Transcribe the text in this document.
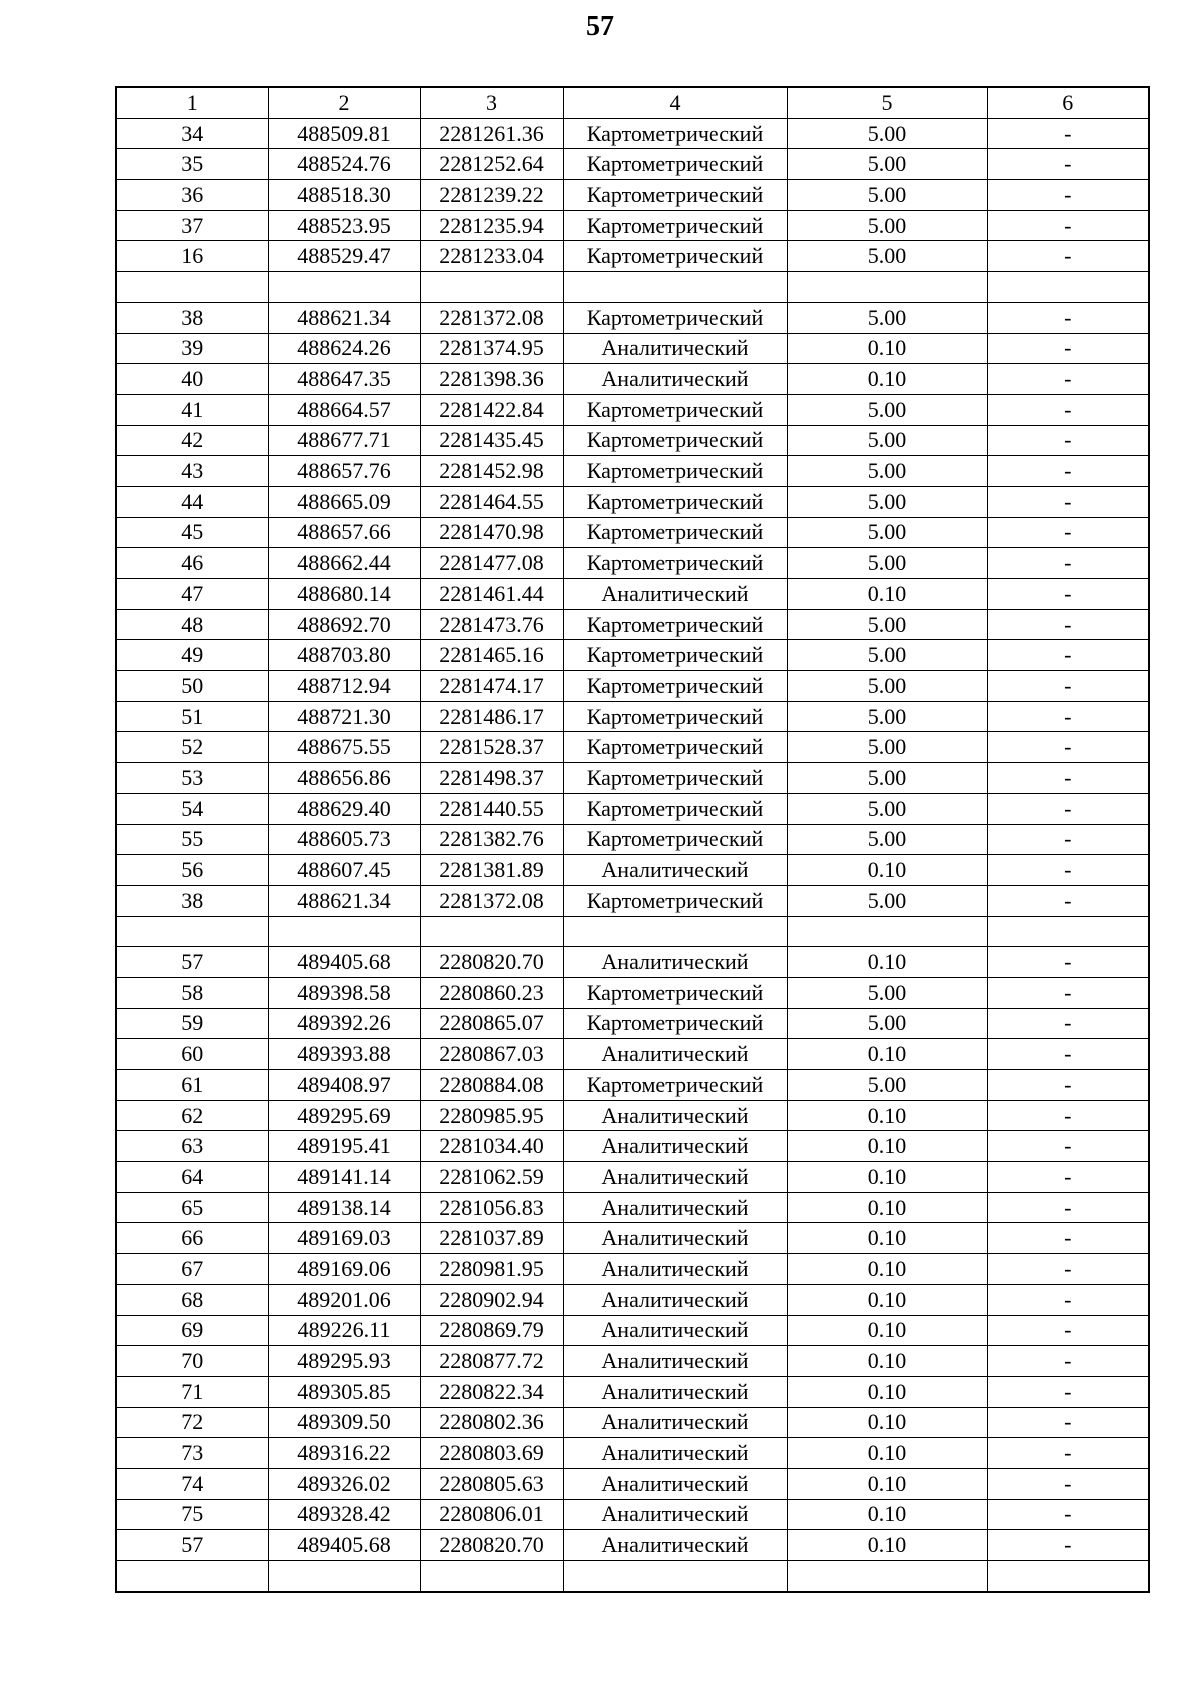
57
1	2	3	4	5	6
34	488509.81	2281261.36	Картометрический	5.00	-
35	488524.76	2281252.64	Картометрический	5.00	-
36	488518.30	2281239.22	Картометрический	5.00	-
37	488523.95	2281235.94	Картометрический	5.00	-
16	488529.47	2281233.04	Картометрический	5.00	-

38	488621.34	2281372.08	Картометрический	5.00	-
39	488624.26	2281374.95	Аналитический	0.10	-
40	488647.35	2281398.36	Аналитический	0.10	-
41	488664.57	2281422.84	Картометрический	5.00	-
42	488677.71	2281435.45	Картометрический	5.00	-
43	488657.76	2281452.98	Картометрический	5.00	-
44	488665.09	2281464.55	Картометрический	5.00	-
45	488657.66	2281470.98	Картометрический	5.00	-
46	488662.44	2281477.08	Картометрический	5.00	-
47	488680.14	2281461.44	Аналитический	0.10	-
48	488692.70	2281473.76	Картометрический	5.00	-
49	488703.80	2281465.16	Картометрический	5.00	-
50	488712.94	2281474.17	Картометрический	5.00	-
51	488721.30	2281486.17	Картометрический	5.00	-
52	488675.55	2281528.37	Картометрический	5.00	-
53	488656.86	2281498.37	Картометрический	5.00	-
54	488629.40	2281440.55	Картометрический	5.00	-
55	488605.73	2281382.76	Картометрический	5.00	-
56	488607.45	2281381.89	Аналитический	0.10	-
38	488621.34	2281372.08	Картометрический	5.00	-

57	489405.68	2280820.70	Аналитический	0.10	-
58	489398.58	2280860.23	Картометрический	5.00	-
59	489392.26	2280865.07	Картометрический	5.00	-
60	489393.88	2280867.03	Аналитический	0.10	-
61	489408.97	2280884.08	Картометрический	5.00	-
62	489295.69	2280985.95	Аналитический	0.10	-
63	489195.41	2281034.40	Аналитический	0.10	-
64	489141.14	2281062.59	Аналитический	0.10	-
65	489138.14	2281056.83	Аналитический	0.10	-
66	489169.03	2281037.89	Аналитический	0.10	-
67	489169.06	2280981.95	Аналитический	0.10	-
68	489201.06	2280902.94	Аналитический	0.10	-
69	489226.11	2280869.79	Аналитический	0.10	-
70	489295.93	2280877.72	Аналитический	0.10	-
71	489305.85	2280822.34	Аналитический	0.10	-
72	489309.50	2280802.36	Аналитический	0.10	-
73	489316.22	2280803.69	Аналитический	0.10	-
74	489326.02	2280805.63	Аналитический	0.10	-
75	489328.42	2280806.01	Аналитический	0.10	-
57	489405.68	2280820.70	Аналитический	0.10	-
